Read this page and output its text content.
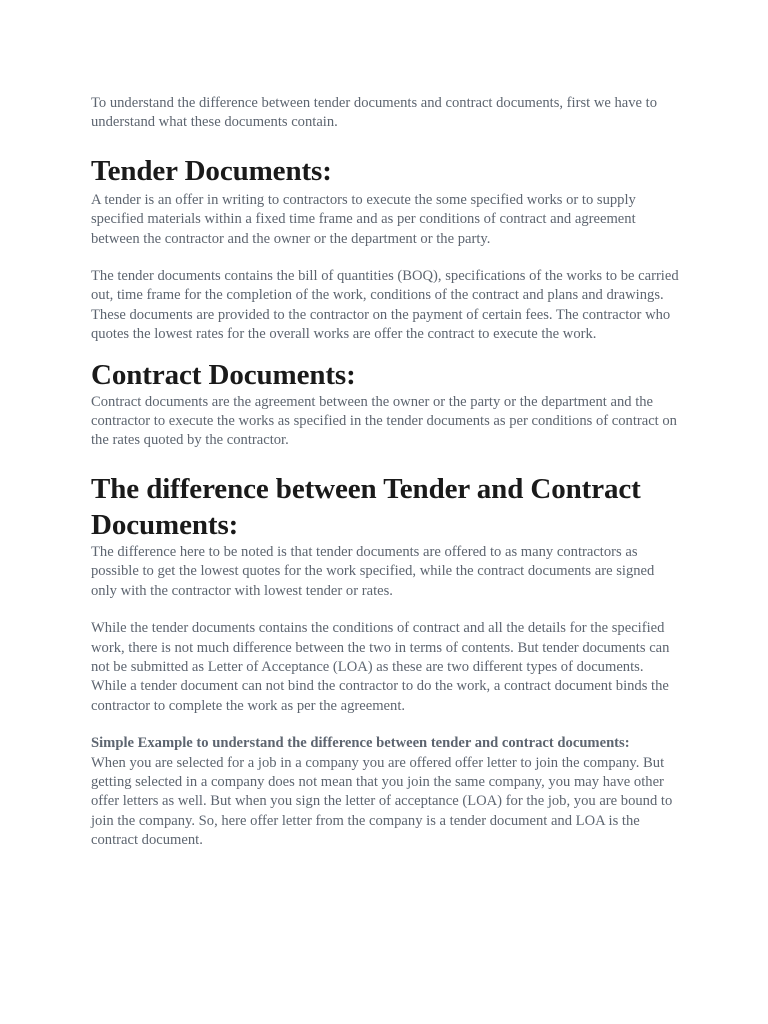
To understand the difference between tender documents and contract documents, first we have to understand what these documents contain.

Tender Documents:

A tender is an offer in writing to contractors to execute the some specified works or to supply specified materials within a fixed time frame and as per conditions of contract and agreement between the contractor and the owner or the department or the party.

The tender documents contains the bill of quantities (BOQ), specifications of the works to be carried out, time frame for the completion of the work, conditions of the contract and plans and drawings. These documents are provided to the contractor on the payment of certain fees. The contractor who quotes the lowest rates for the overall works are offer the contract to execute the work.

Contract Documents:

Contract documents are the agreement between the owner or the party or the department and the contractor to execute the works as specified in the tender documents as per conditions of contract on the rates quoted by the contractor.

The difference between Tender and Contract Documents:

The difference here to be noted is that tender documents are offered to as many contractors as possible to get the lowest quotes for the work specified, while the contract documents are signed only with the contractor with lowest tender or rates.

While the tender documents contains the conditions of contract and all the details for the specified work, there is not much difference between the two in terms of contents. But tender documents can not be submitted as Letter of Acceptance (LOA) as these are two different types of documents. While a tender document can not bind the contractor to do the work, a contract document binds the contractor to complete the work as per the agreement.

Simple Example to understand the difference between tender and contract documents:

When you are selected for a job in a company you are offered offer letter to join the company. But getting selected in a company does not mean that you join the same company, you may have other offer letters as well. But when you sign the letter of acceptance (LOA) for the job, you are bound to join the company. So, here offer letter from the company is a tender document and LOA is the contract document.
